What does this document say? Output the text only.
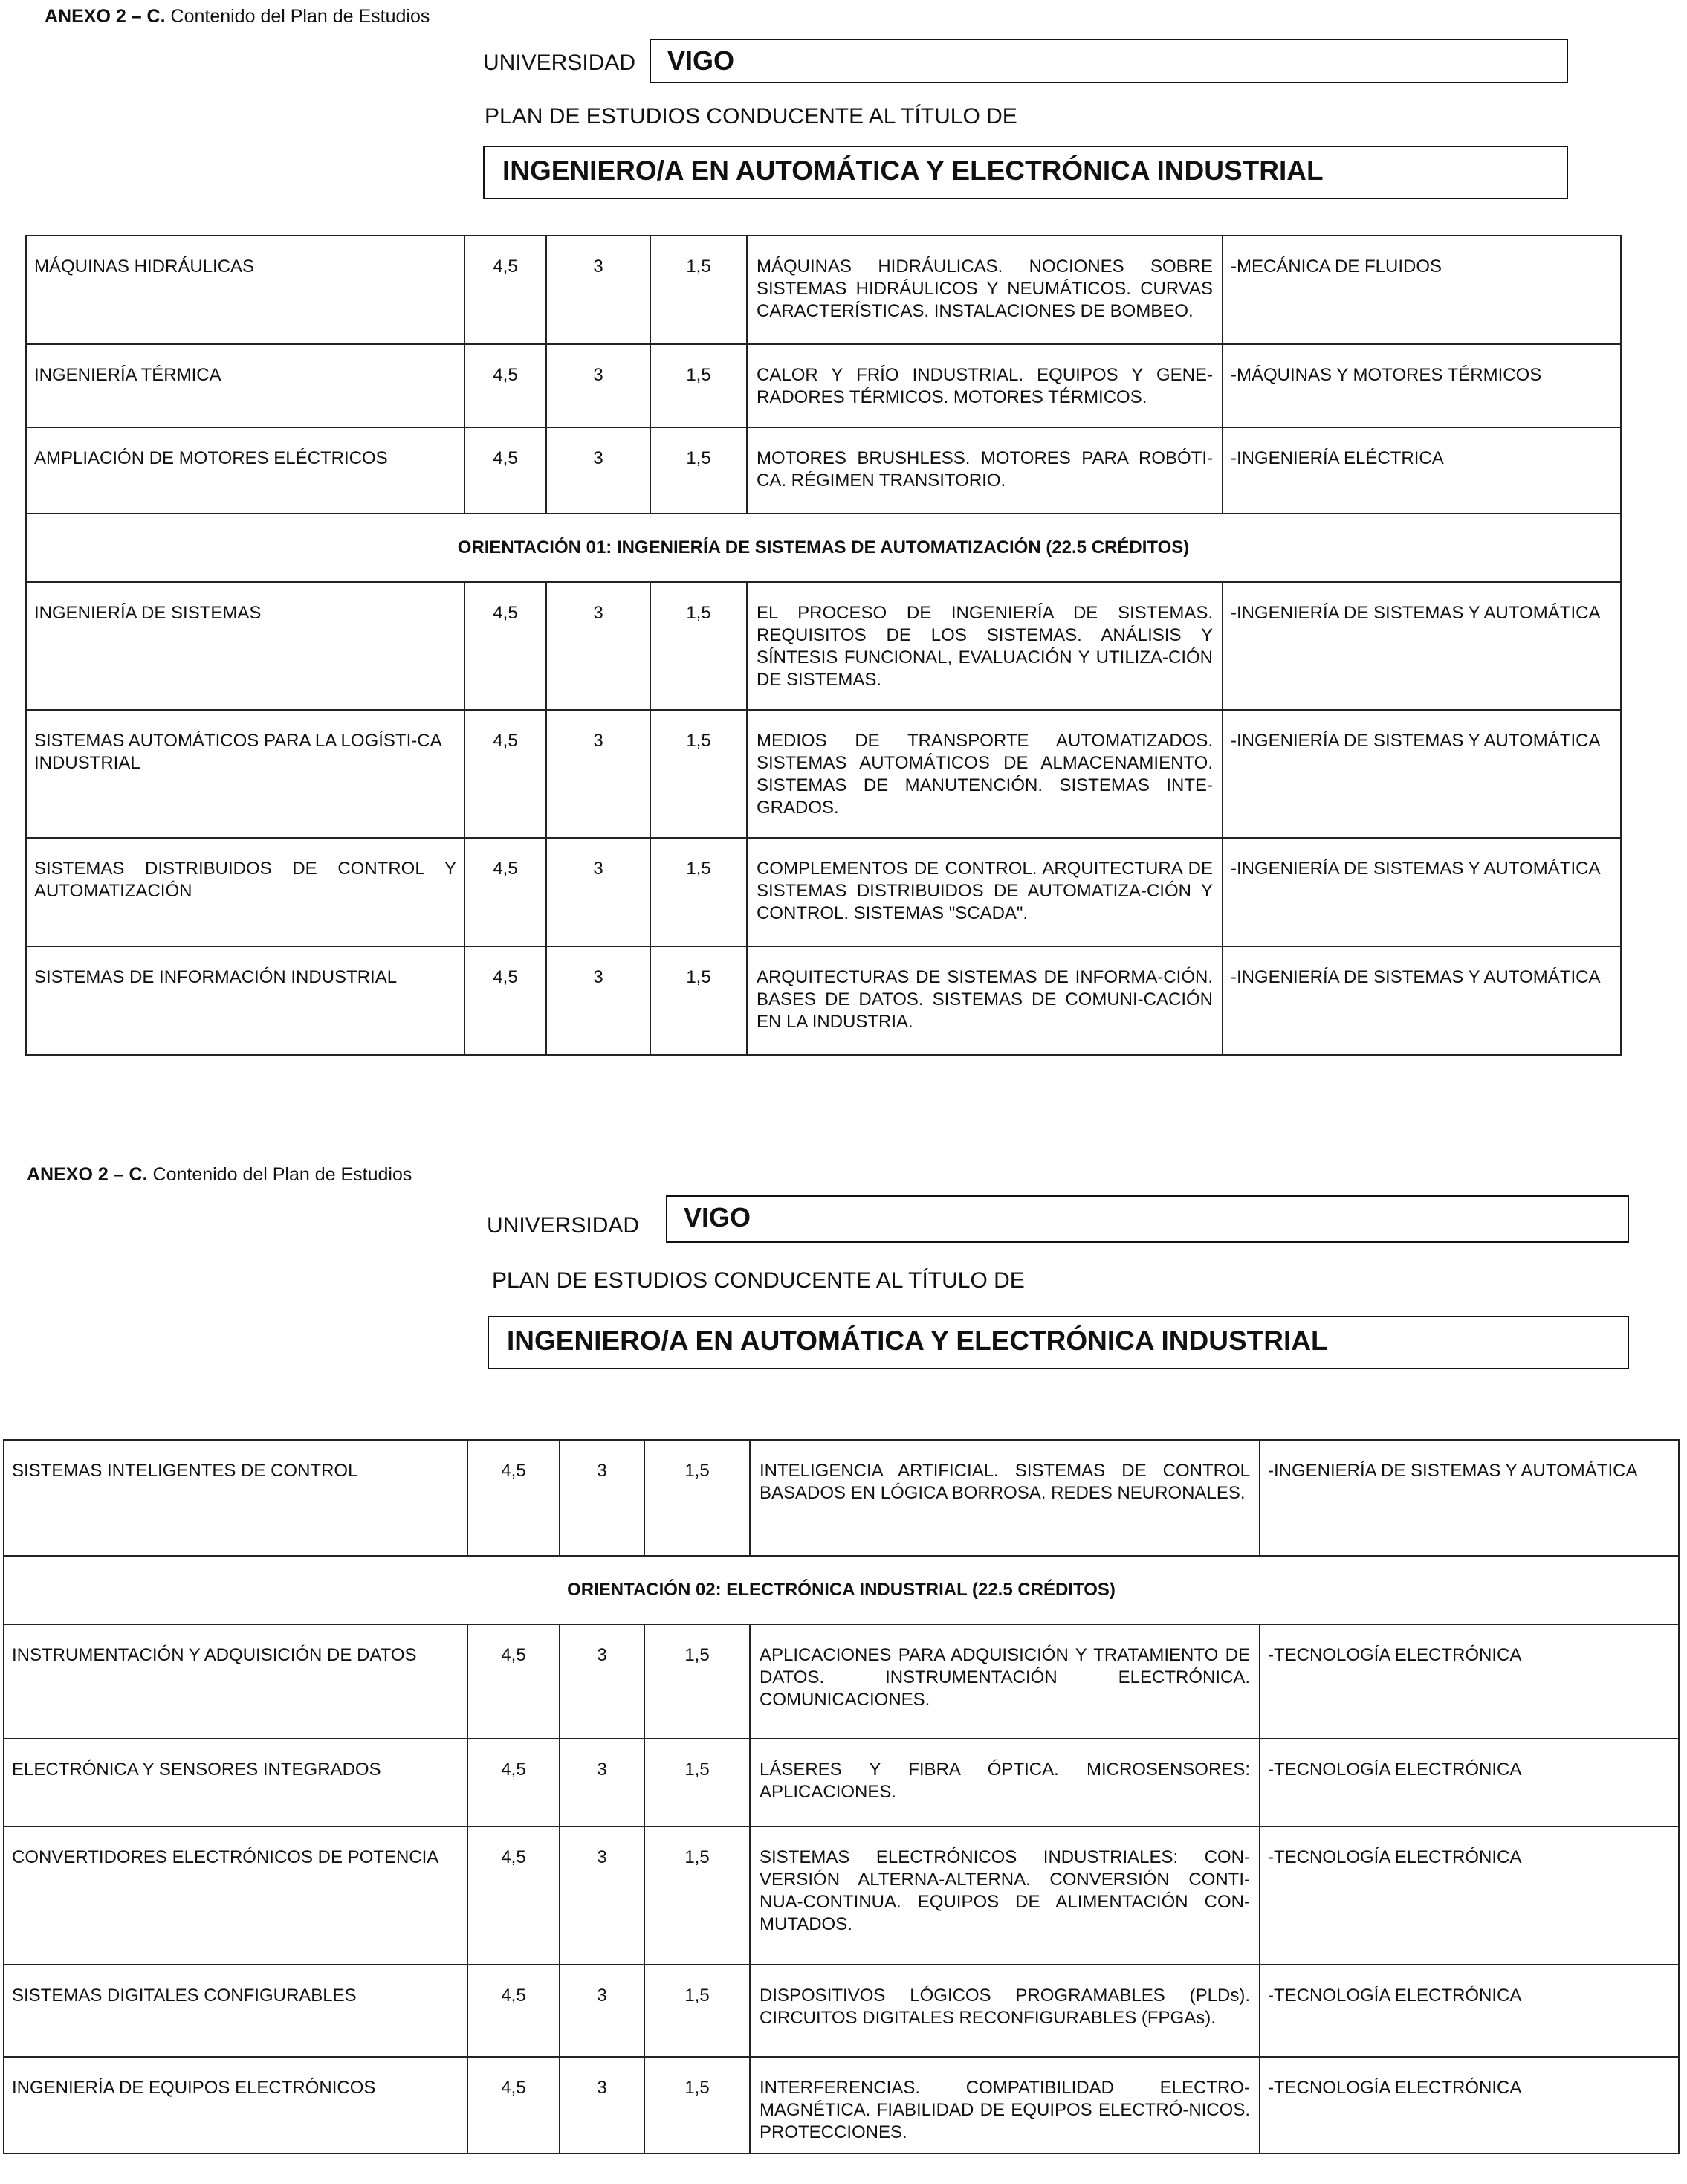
ANEXO 2 – C. Contenido del Plan de Estudios
UNIVERSIDAD	VIGO
PLAN DE ESTUDIOS CONDUCENTE AL TÍTULO DE
INGENIERO/A EN AUTOMÁTICA Y ELECTRÓNICA INDUSTRIAL
MÁQUINAS HIDRÁULICAS	4,5	3	1,5	MÁQUINAS HIDRÁULICAS. NOCIONES SOBRE SISTEMAS HIDRÁULICOS Y NEUMÁTICOS. CURVAS CARACTERÍSTICAS. INSTALACIONES DE BOMBEO.	-MECÁNICA DE FLUIDOS
INGENIERÍA TÉRMICA	4,5	3	1,5	CALOR Y FRÍO INDUSTRIAL. EQUIPOS Y GENE-RADORES TÉRMICOS. MOTORES TÉRMICOS.	-MÁQUINAS Y MOTORES TÉRMICOS
AMPLIACIÓN DE MOTORES ELÉCTRICOS	4,5	3	1,5	MOTORES BRUSHLESS. MOTORES PARA ROBÓTI-CA. RÉGIMEN TRANSITORIO.	-INGENIERÍA ELÉCTRICA
ORIENTACIÓN 01: INGENIERÍA DE SISTEMAS DE AUTOMATIZACIÓN (22.5 CRÉDITOS)					
INGENIERÍA DE SISTEMAS	4,5	3	1,5	EL PROCESO DE INGENIERÍA DE SISTEMAS. REQUISITOS DE LOS SISTEMAS. ANÁLISIS Y SÍNTESIS FUNCIONAL, EVALUACIÓN Y UTILIZA-CIÓN DE SISTEMAS.	-INGENIERÍA DE SISTEMAS Y AUTOMÁTICA
SISTEMAS AUTOMÁTICOS PARA LA LOGÍSTI-CA INDUSTRIAL	4,5	3	1,5	MEDIOS DE TRANSPORTE AUTOMATIZADOS. SISTEMAS AUTOMÁTICOS DE ALMACENAMIENTO. SISTEMAS DE MANUTENCIÓN. SISTEMAS INTE-GRADOS.	-INGENIERÍA DE SISTEMAS Y AUTOMÁTICA
SISTEMAS DISTRIBUIDOS DE CONTROL Y AUTOMATIZACIÓN	4,5	3	1,5	COMPLEMENTOS DE CONTROL. ARQUITECTURA DE SISTEMAS DISTRIBUIDOS DE AUTOMATIZA-CIÓN Y CONTROL. SISTEMAS "SCADA".	-INGENIERÍA DE SISTEMAS Y AUTOMÁTICA
SISTEMAS DE INFORMACIÓN INDUSTRIAL	4,5	3	1,5	ARQUITECTURAS DE SISTEMAS DE INFORMA-CIÓN. BASES DE DATOS. SISTEMAS DE COMUNI-CACIÓN EN LA INDUSTRIA.	-INGENIERÍA DE SISTEMAS Y AUTOMÁTICA
ANEXO 2 – C. Contenido del Plan de Estudios
UNIVERSIDAD	VIGO
PLAN DE ESTUDIOS CONDUCENTE AL TÍTULO DE
INGENIERO/A EN AUTOMÁTICA Y ELECTRÓNICA INDUSTRIAL
SISTEMAS INTELIGENTES DE CONTROL	4,5	3	1,5	INTELIGENCIA ARTIFICIAL. SISTEMAS DE CONTROL BASADOS EN LÓGICA BORROSA. REDES NEURONALES.	-INGENIERÍA DE SISTEMAS Y AUTOMÁTICA
ORIENTACIÓN 02: ELECTRÓNICA INDUSTRIAL (22.5 CRÉDITOS)					
INSTRUMENTACIÓN Y ADQUISICIÓN DE DATOS	4,5	3	1,5	APLICACIONES PARA ADQUISICIÓN Y TRATAMIENTO DE DATOS. INSTRUMENTACIÓN ELECTRÓNICA. COMUNICACIONES.	-TECNOLOGÍA ELECTRÓNICA
ELECTRÓNICA Y SENSORES INTEGRADOS	4,5	3	1,5	LÁSERES Y FIBRA ÓPTICA. MICROSENSORES: APLICACIONES.	-TECNOLOGÍA ELECTRÓNICA
CONVERTIDORES ELECTRÓNICOS DE POTENCIA	4,5	3	1,5	SISTEMAS ELECTRÓNICOS INDUSTRIALES: CON-VERSIÓN ALTERNA-ALTERNA. CONVERSIÓN CONTI-NUA-CONTINUA. EQUIPOS DE ALIMENTACIÓN CON-MUTADOS.	-TECNOLOGÍA ELECTRÓNICA
SISTEMAS DIGITALES CONFIGURABLES	4,5	3	1,5	DISPOSITIVOS LÓGICOS PROGRAMABLES (PLDs). CIRCUITOS DIGITALES RECONFIGURABLES (FPGAs).	-TECNOLOGÍA ELECTRÓNICA
INGENIERÍA DE EQUIPOS ELECTRÓNICOS	4,5	3	1,5	INTERFERENCIAS. COMPATIBILIDAD ELECTRO-MAGNÉTICA. FIABILIDAD DE EQUIPOS ELECTRÓ-NICOS. PROTECCIONES.	-TECNOLOGÍA ELECTRÓNICA
